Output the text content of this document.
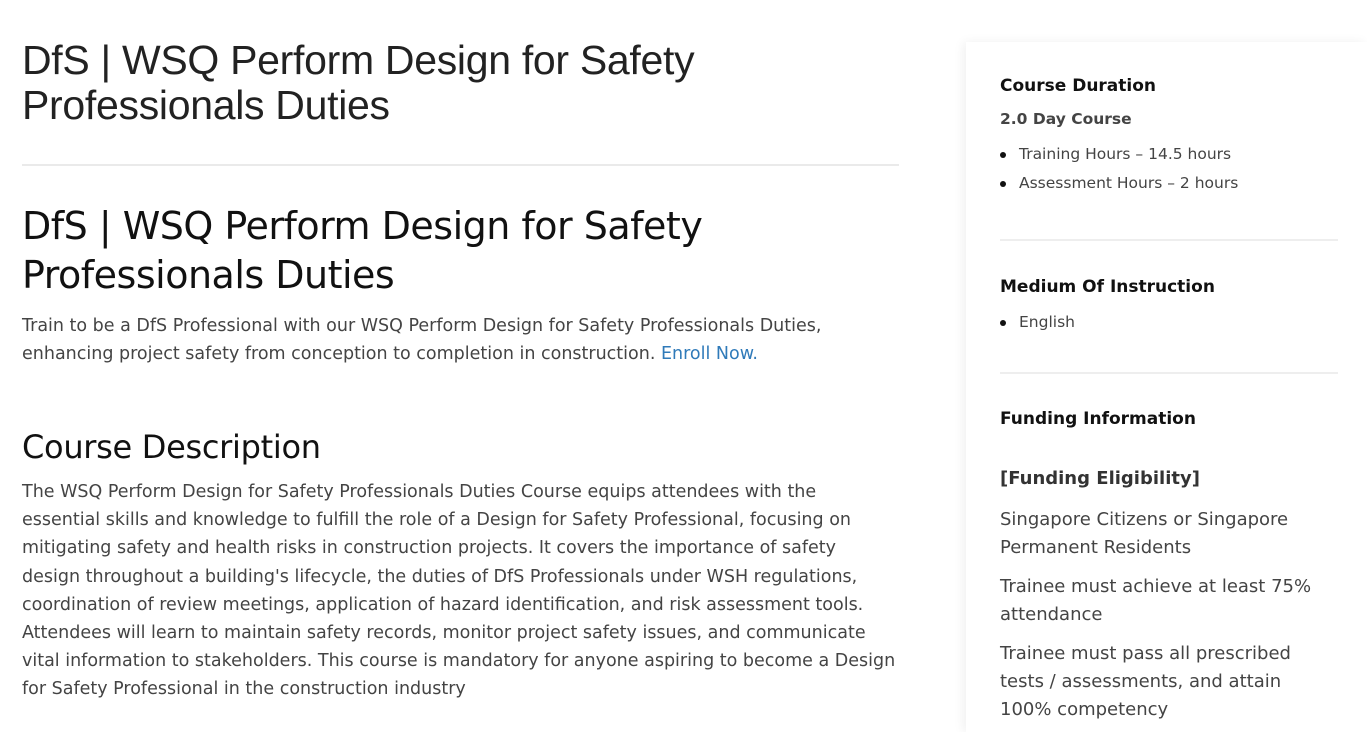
DfS | WSQ Perform Design for Safety Professionals Duties
DfS | WSQ Perform Design for Safety Professionals Duties

Train to be a DfS Professional with our WSQ Perform Design for Safety Professionals Duties, enhancing project safety from conception to completion in construction. Enroll Now.

Course Description

The WSQ Perform Design for Safety Professionals Duties Course equips attendees with the essential skills and knowledge to fulfill the role of a Design for Safety Professional, focusing on mitigating safety and health risks in construction projects. It covers the importance of safety design throughout a building's lifecycle, the duties of DfS Professionals under WSH regulations, coordination of review meetings, application of hazard identification, and risk assessment tools. Attendees will learn to maintain safety records, monitor project safety issues, and communicate vital information to stakeholders. This course is mandatory for anyone aspiring to become a Design for Safety Professional in the construction industry

Course Duration

2.0 Day Course

Training Hours – 14.5 hours
Assessment Hours – 2 hours
Medium Of Instruction
English
Funding Information

[Funding Eligibility]

Singapore Citizens or Singapore Permanent Residents

Trainee must achieve at least 75% attendance

Trainee must pass all prescribed tests / assessments, and attain 100% competency
